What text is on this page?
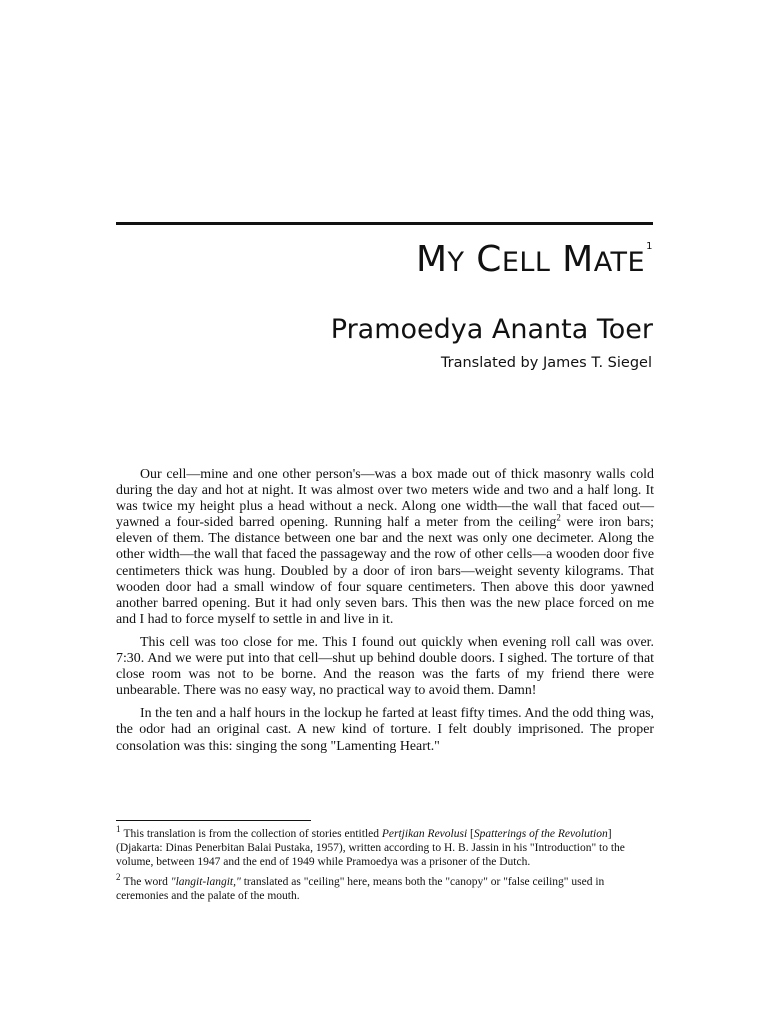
MY CELL MATE$^1$
Pramoedya Ananta Toer
Translated by James T. Siegel

Our cell—mine and one other person's—was a box made out of thick masonry walls cold during the day and hot at night. It was almost over two meters wide and two and a half long. It was twice my height plus a head without a neck. Along one width—the wall that faced out—yawned a four-sided barred opening. Running half a meter from the ceiling$^2$ were iron bars; eleven of them. The distance between one bar and the next was only one decimeter. Along the other width—the wall that faced the passageway and the row of other cells—a wooden door five centimeters thick was hung. Doubled by a door of iron bars—weight seventy kilograms. That wooden door had a small window of four square centimeters. Then above this door yawned another barred opening. But it had only seven bars. This then was the new place forced on me and I had to force myself to settle in and live in it.

This cell was too close for me. This I found out quickly when evening roll call was over. 7:30. And we were put into that cell—shut up behind double doors. I sighed. The torture of that close room was not to be borne. And the reason was the farts of my friend there were unbearable. There was no easy way, no practical way to avoid them. Damn!

In the ten and a half hours in the lockup he farted at least fifty times. And the odd thing was, the odor had an original cast. A new kind of torture. I felt doubly imprisoned. The proper consolation was this: singing the song "Lamenting Heart."

$^1$ This translation is from the collection of stories entitled Pertjikan Revolusi [Spatterings of the Revolution] (Djakarta: Dinas Penerbitan Balai Pustaka, 1957), written according to H. B. Jassin in his "Introduction" to the volume, between 1947 and the end of 1949 while Pramoedya was a prisoner of the Dutch.

$^2$ The word "langit-langit," translated as "ceiling" here, means both the "canopy" or "false ceiling" used in ceremonies and the palate of the mouth.
